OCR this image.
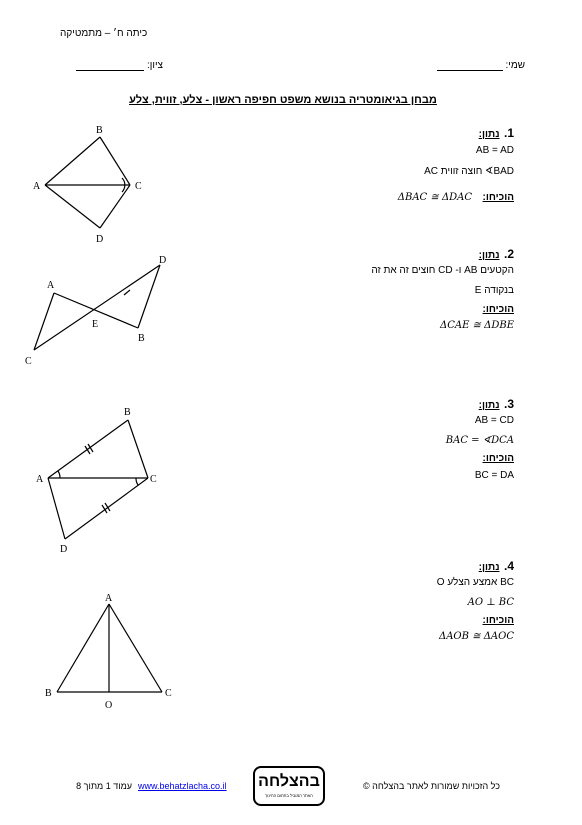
כיתה ח׳ – מתמטיקה
שמי:
ציון:
מבחן בגיאומטריה בנושא משפט חפיפה ראשון - צלע, זווית, צלע
1. נתון:
AB = AD
AC חוצה זווית ∢BAD
הוכיחו: ΔBAC ≅ ΔDAC
2. נתון:
הקטעים AB ו- CD חוצים זה את זה
בנקודה E
הוכיחו:
ΔCAE ≅ ΔDBE
3. נתון:
AB = CD
BAC = ∢DCA
הוכיחו:
BC = DA
4. נתון:
O אמצע הצלע BC
AO ⊥ BC
הוכיחו:
ΔAOB ≅ ΔAOC
B
A	C
D
A
B
C
D
E
B
A	C
D
A
B
O
C
כל הזכויות שמורות לאתר בהצלחה ©
בהצלחה
האתר המוביל בתחום החינוך
www.behatzlacha.co.il
עמוד 1 מתוך 8
